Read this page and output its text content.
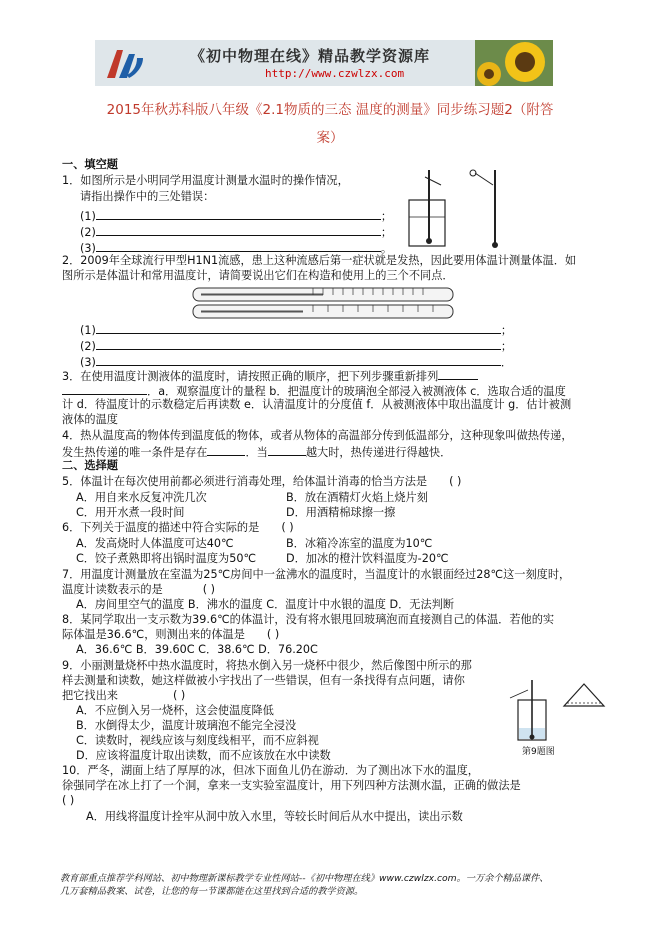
《初中物理在线》精品教学资源库
http://www.czwlzx.com
2015年秋苏科版八年级《2.1物质的三态 温度的测量》同步练习题2（附答
案）
一、填空题
1．如图所示是小明同学用温度计测量水温时的操作情况，
请指出操作中的三处错误：
(1)	；
(2)	；
(3)	。
2．2009年全球流行甲型H1N1流感，患上这种流感后第一症状就是发热，因此要用体温计测量体温．如
图所示是体温计和常用温度计，请简要说出它们在构造和使用上的三个不同点．
(1)	；
(2)	；
(3)	．
3．在使用温度计测液体的温度时，请按照正确的顺序，把下列步骤重新排列
．a．观察温度计的量程 b．把温度计的玻璃泡全部浸入被测液体 c．选取合适的温度
计 d．待温度计的示数稳定后再读数 e．认清温度计的分度值 f．从被测液体中取出温度计 g．估计被测
液体的温度
4．热从温度高的物体传到温度低的物体，或者从物体的高温部分传到低温部分，这种现象叫做热传递，
发生热传递的唯一条件是存在	．当	越大时，热传递进行得越快．
二、选择题
5．体温计在每次使用前都必须进行消毒处理，给体温计消毒的恰当方法是 ( )
A．用自来水反复冲洗几次	B．放在酒精灯火焰上烧片刻
C．用开水煮一段时间	D．用酒精棉球擦一擦
6．下列关于温度的描述中符合实际的是 ( )
A．发高烧时人体温度可达40℃	B．冰箱冷冻室的温度为10℃
C．饺子煮熟即将出锅时温度为50℃	D．加冰的橙汁饮料温度为-20℃
7．用温度计测量放在室温为25℃房间中一盆沸水的温度时，当温度计的水银面经过28℃这一刻度时，
温度计读数表示的是	( )
A．房间里空气的温度 B．沸水的温度 C．温度计中水银的温度 D．无法判断
8．某同学取出一支示数为39.6℃的体温计，没有将水银甩回玻璃泡而直接测自己的体温．若他的实
际体温是36.6℃，则测出来的体温是 ( )
A．36.6℃ B．39.60C C．38.6℃ D．76.20C
9．小丽测量烧杯中热水温度时，将热水倒入另一烧杯中很少，然后像图中所示的那
样去测量和读数，她这样做被小宇找出了一些错误，但有一条找得有点问题，请你
把它找出来	( )
A．不应倒入另一烧杯，这会使温度降低
B．水倒得太少，温度计玻璃泡不能完全浸没
C．读数时，视线应该与刻度线相平，而不应斜视
D．应该将温度计取出读数，而不应该放在水中读数	第9题图
10．严冬，湖面上结了厚厚的冰，但冰下面鱼儿仍在游动．为了测出冰下水的温度，
徐强同学在冰上打了一个洞，拿来一支实验室温度计，用下列四种方法测水温，正确的做法是
( )
A．用线将温度计拴牢从洞中放入水里，等较长时间后从水中提出，读出示数
教育部重点推荐学科网站、初中物理新课标教学专业性网站--《初中物理在线》www.czwlzx.com。一万余个精品课件、
几万套精品教案、试卷，让您的每一节课都能在这里找到合适的教学资源。
